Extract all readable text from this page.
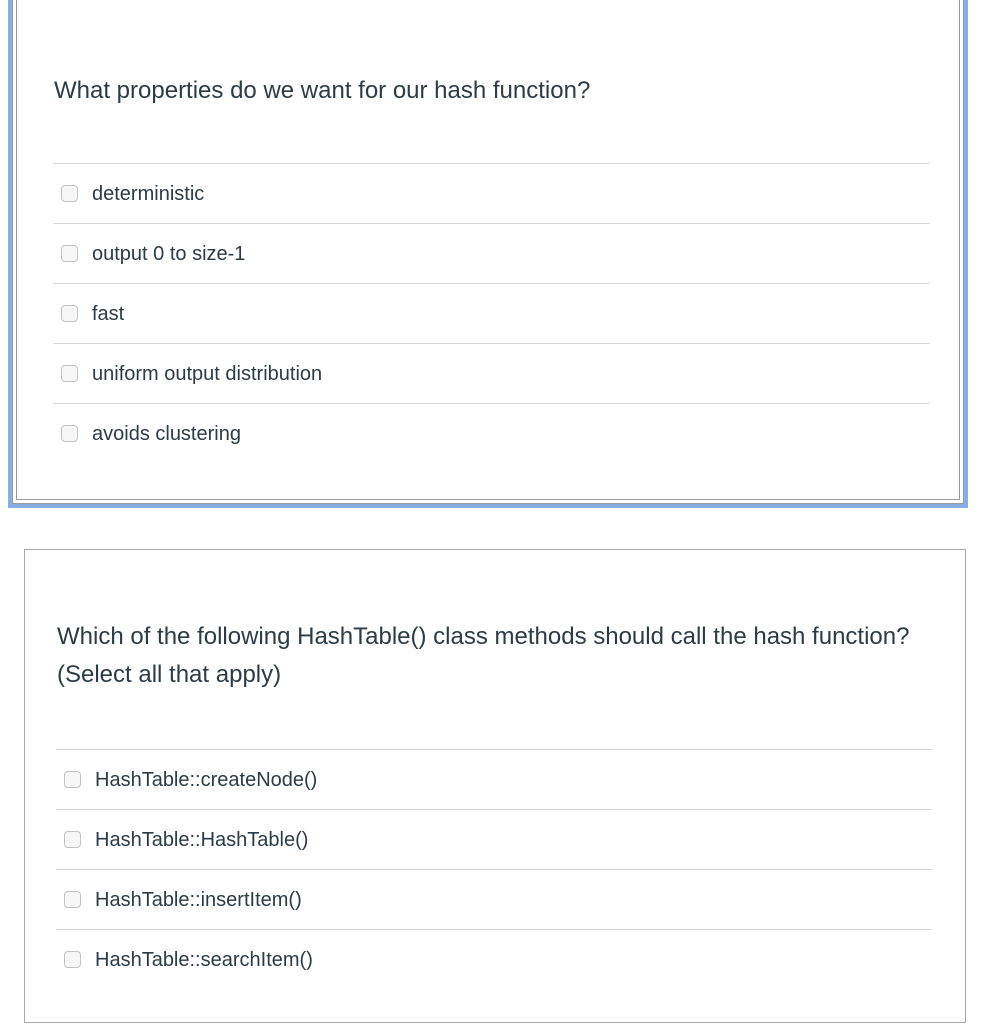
What properties do we want for our hash function?
deterministic
output 0 to size-1
fast
uniform output distribution
avoids clustering
Which of the following HashTable() class methods should call the hash function? (Select all that apply)
HashTable::createNode()
HashTable::HashTable()
HashTable::insertItem()
HashTable::searchItem()
